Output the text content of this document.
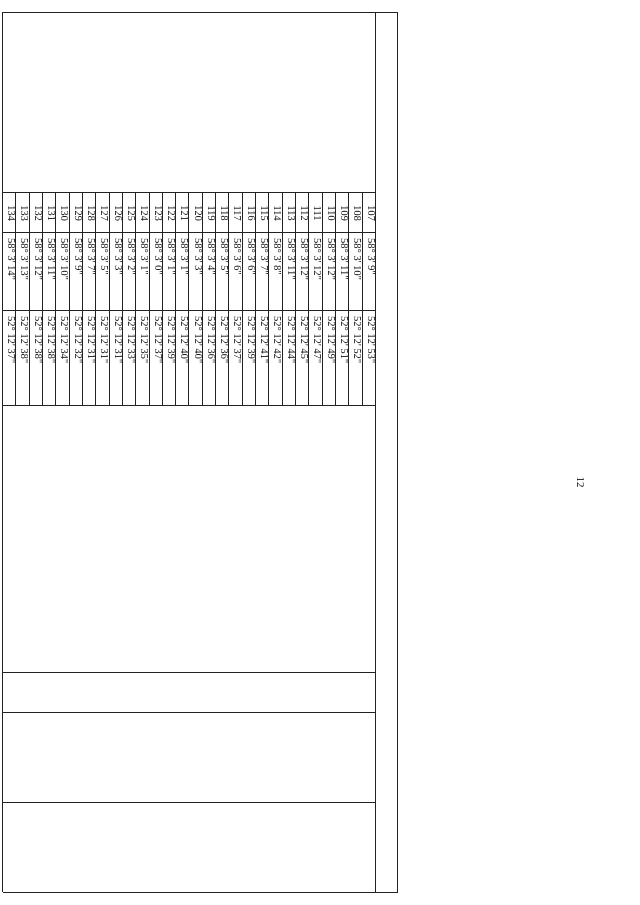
107
58° 3' 9"
52° 12' 53"
108
58° 3' 10"
52° 12' 52"
109
58° 3' 11"
52° 12' 51"
110
58° 3' 12"
52° 12' 49"
111
58° 3' 12"
52° 12' 47"
112
58° 3' 12"
52° 12' 45"
113
58° 3' 11"
52° 12' 44"
114
58° 3' 8"
52° 12' 42"
115
58° 3' 7"
52° 12' 41"
116
58° 3' 6"
52° 12' 39"
117
58° 3' 6"
52° 12' 37"
118
58° 3' 5"
52° 12' 36"
119
58° 3' 4"
52° 12' 36"
120
58° 3' 3"
52° 12' 40"
121
58° 3' 1"
52° 12' 40"
122
58° 3' 1"
52° 12' 39"
123
58° 3' 0"
52° 12' 37"
124
58° 3' 1"
52° 12' 35"
125
58° 3' 2"
52° 12' 33"
126
58° 3' 3"
52° 12' 31"
127
58° 3' 5"
52° 12' 31"
128
58° 3' 7"
52° 12' 31"
129
58° 3' 9"
52° 12' 32"
130
58° 3' 10"
52° 12' 34"
131
58° 3' 11"
52° 12' 38"
132
58° 3' 12"
52° 12' 38"
133
58° 3' 13"
52° 12' 38"
134
58° 3' 14"
52° 12' 37"
12
